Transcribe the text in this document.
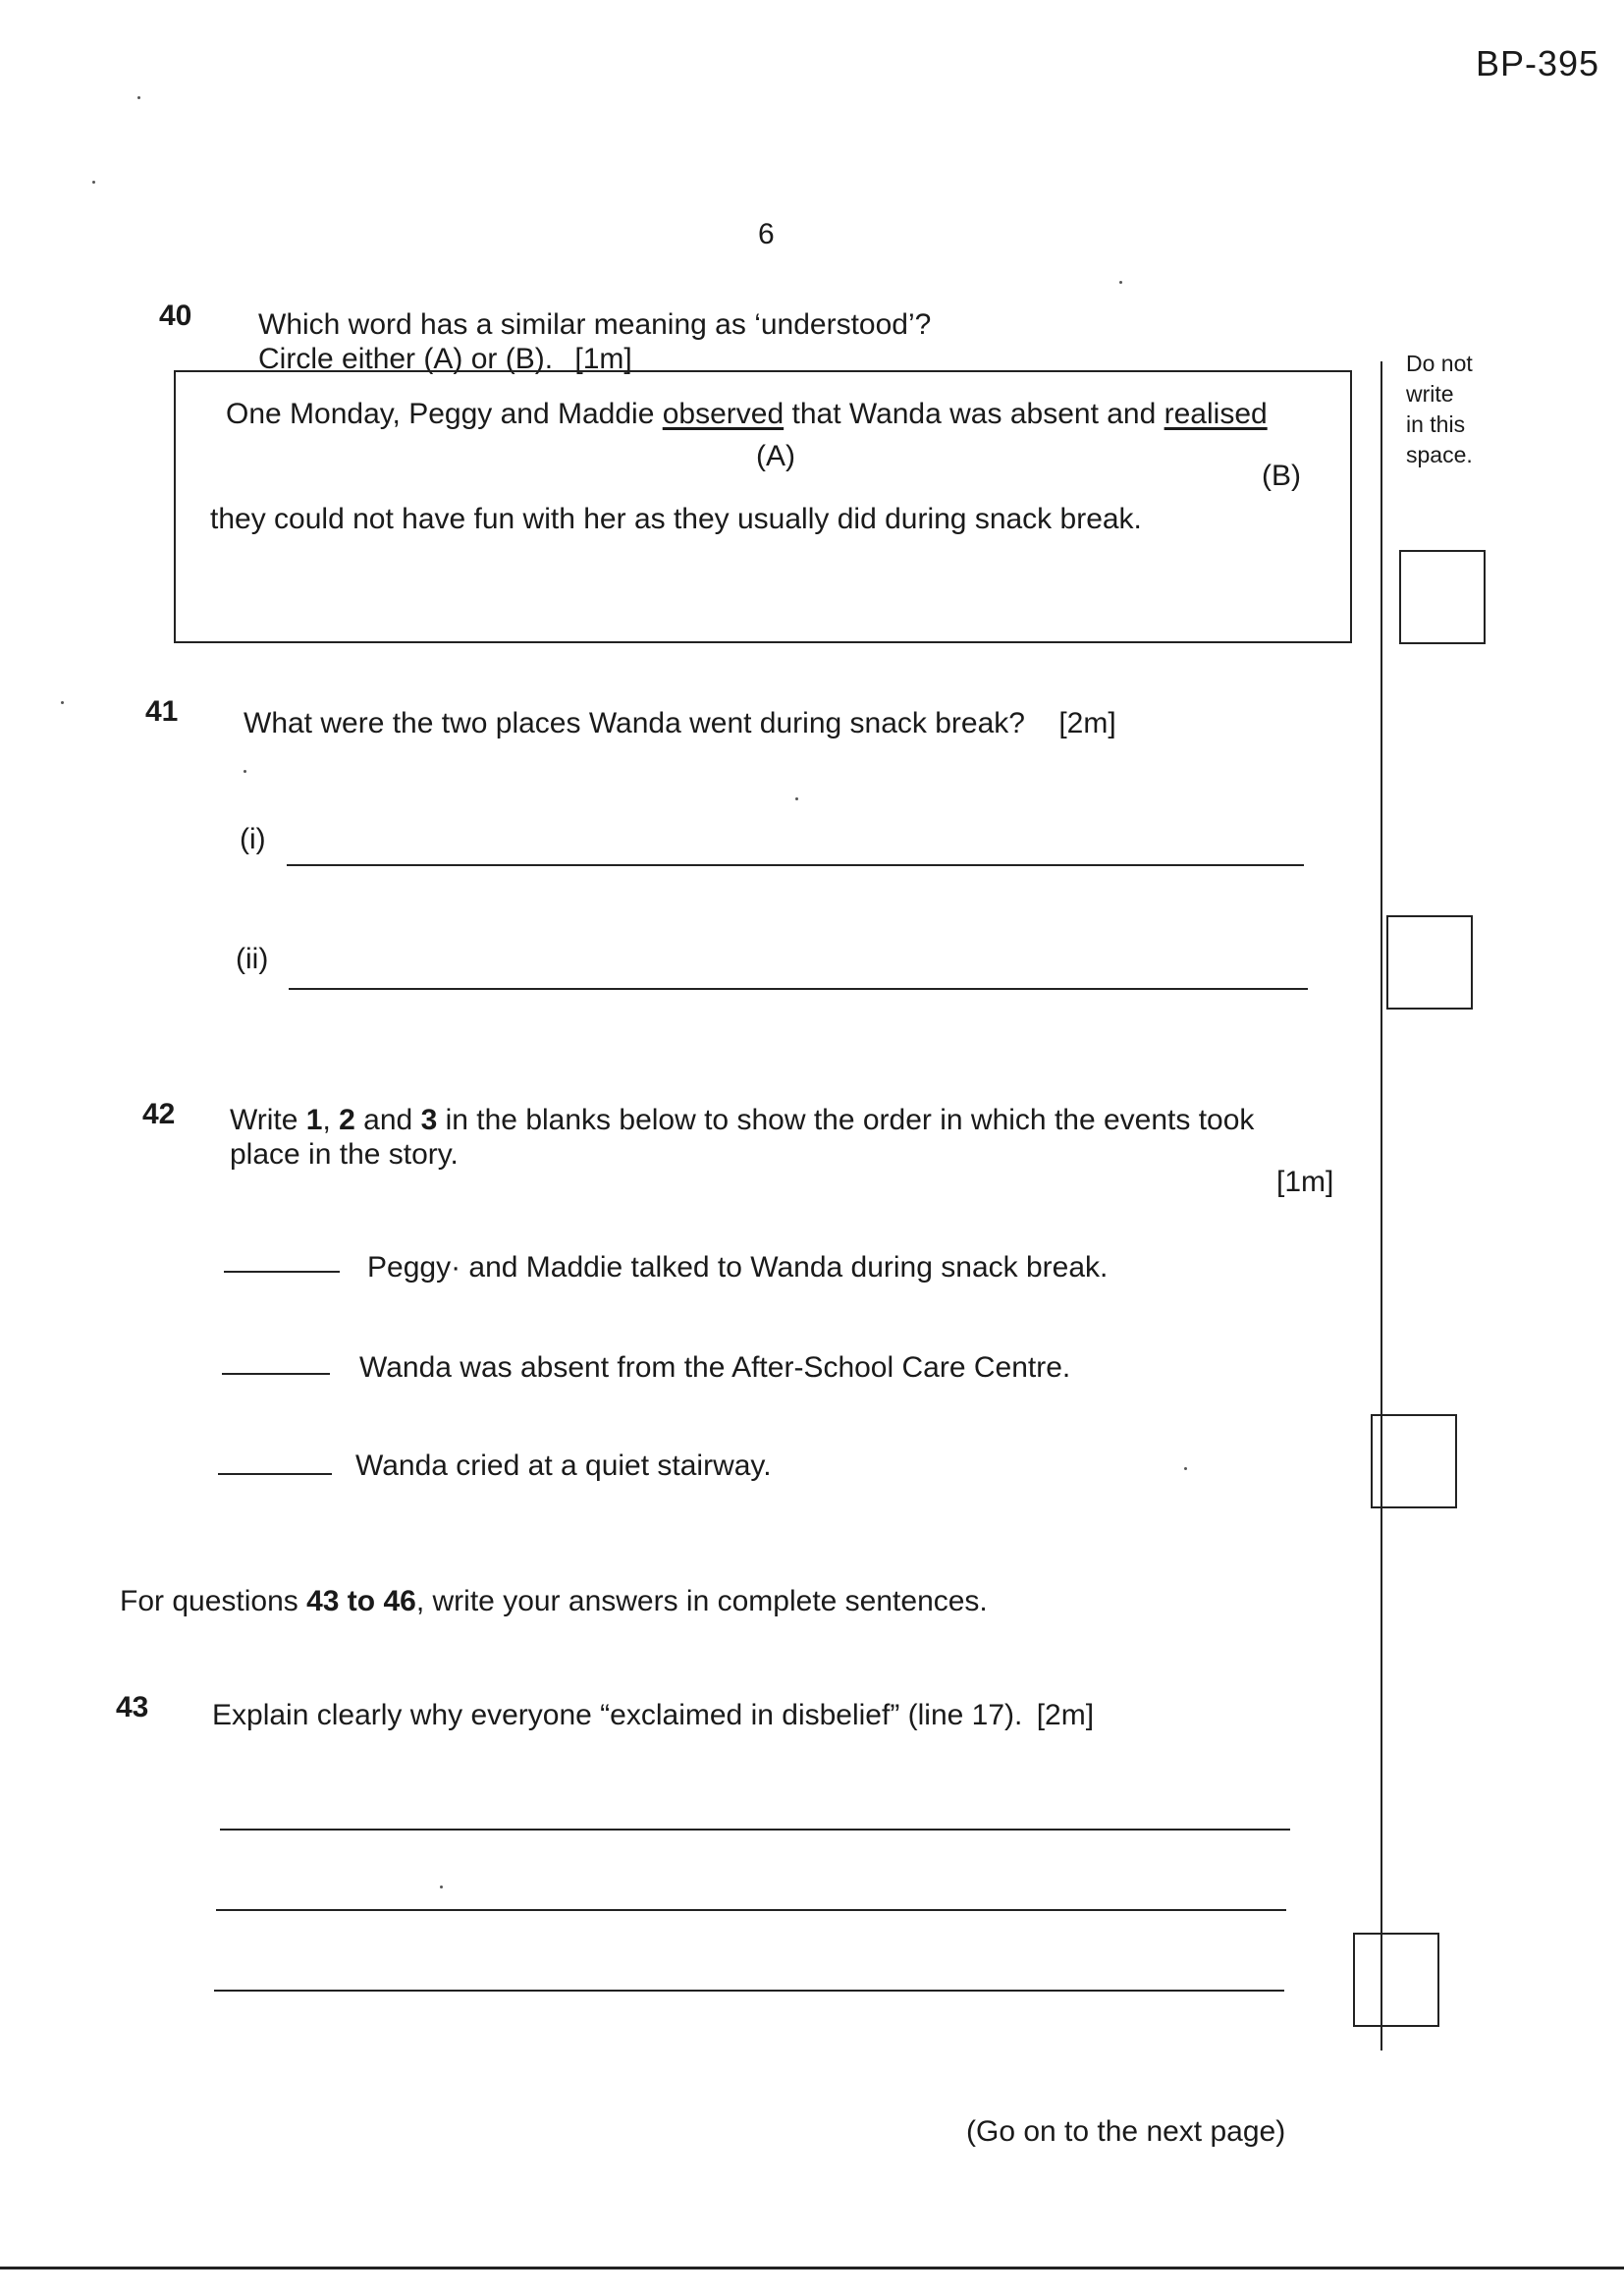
BP-395
6
Do not
write
in this
space.
40 Which word has a similar meaning as ‘understood’?
Circle either (A) or (B). [1m]
One Monday, Peggy and Maddie observed that Wanda was absent and realised
(A)
(B)
they could not have fun with her as they usually did during snack break.
41 What were the two places Wanda went during snack break? [2m]
(i)
(ii)
42 Write 1, 2 and 3 in the blanks below to show the order in which the events took
place in the story.
[1m]
Peggy· and Maddie talked to Wanda during snack break.
Wanda was absent from the After-School Care Centre.
Wanda cried at a quiet stairway.
For questions 43 to 46, write your answers in complete sentences.
43 Explain clearly why everyone “exclaimed in disbelief” (line 17). [2m]
(Go on to the next page)
